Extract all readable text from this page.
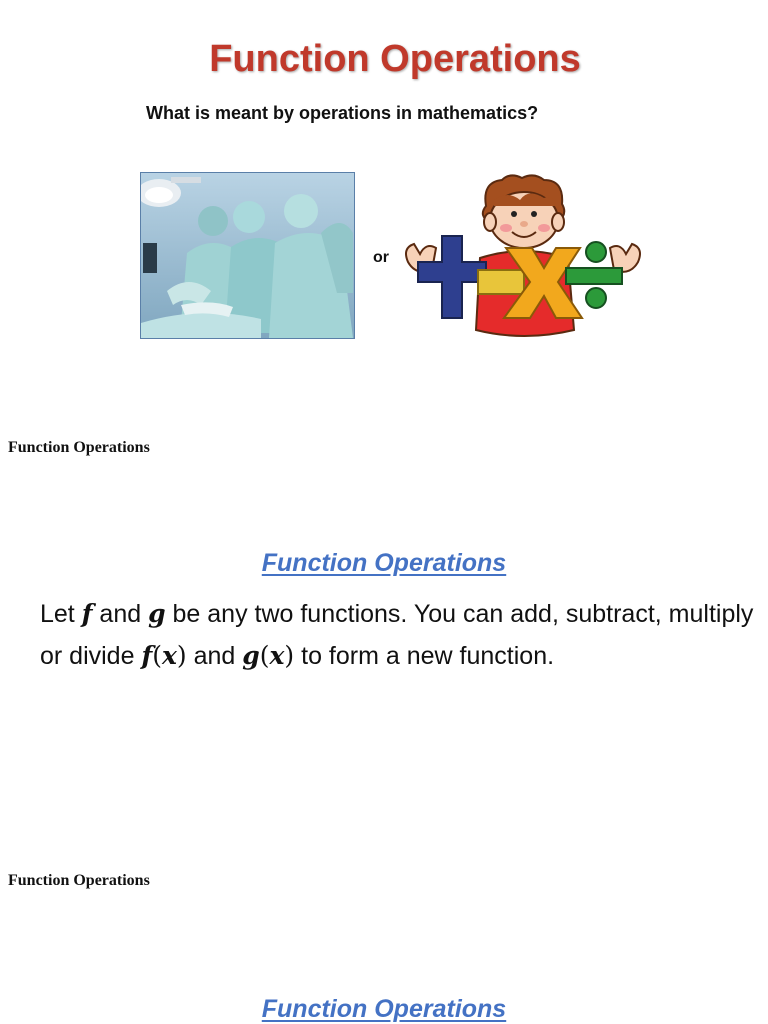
Function Operations
What is meant by operations in mathematics?
or
Function Operations
Function Operations
Let f and g be any two functions. You can add, subtract, multiply or divide f(x) and g(x) to form a new function.
Function Operations
Function Operations
